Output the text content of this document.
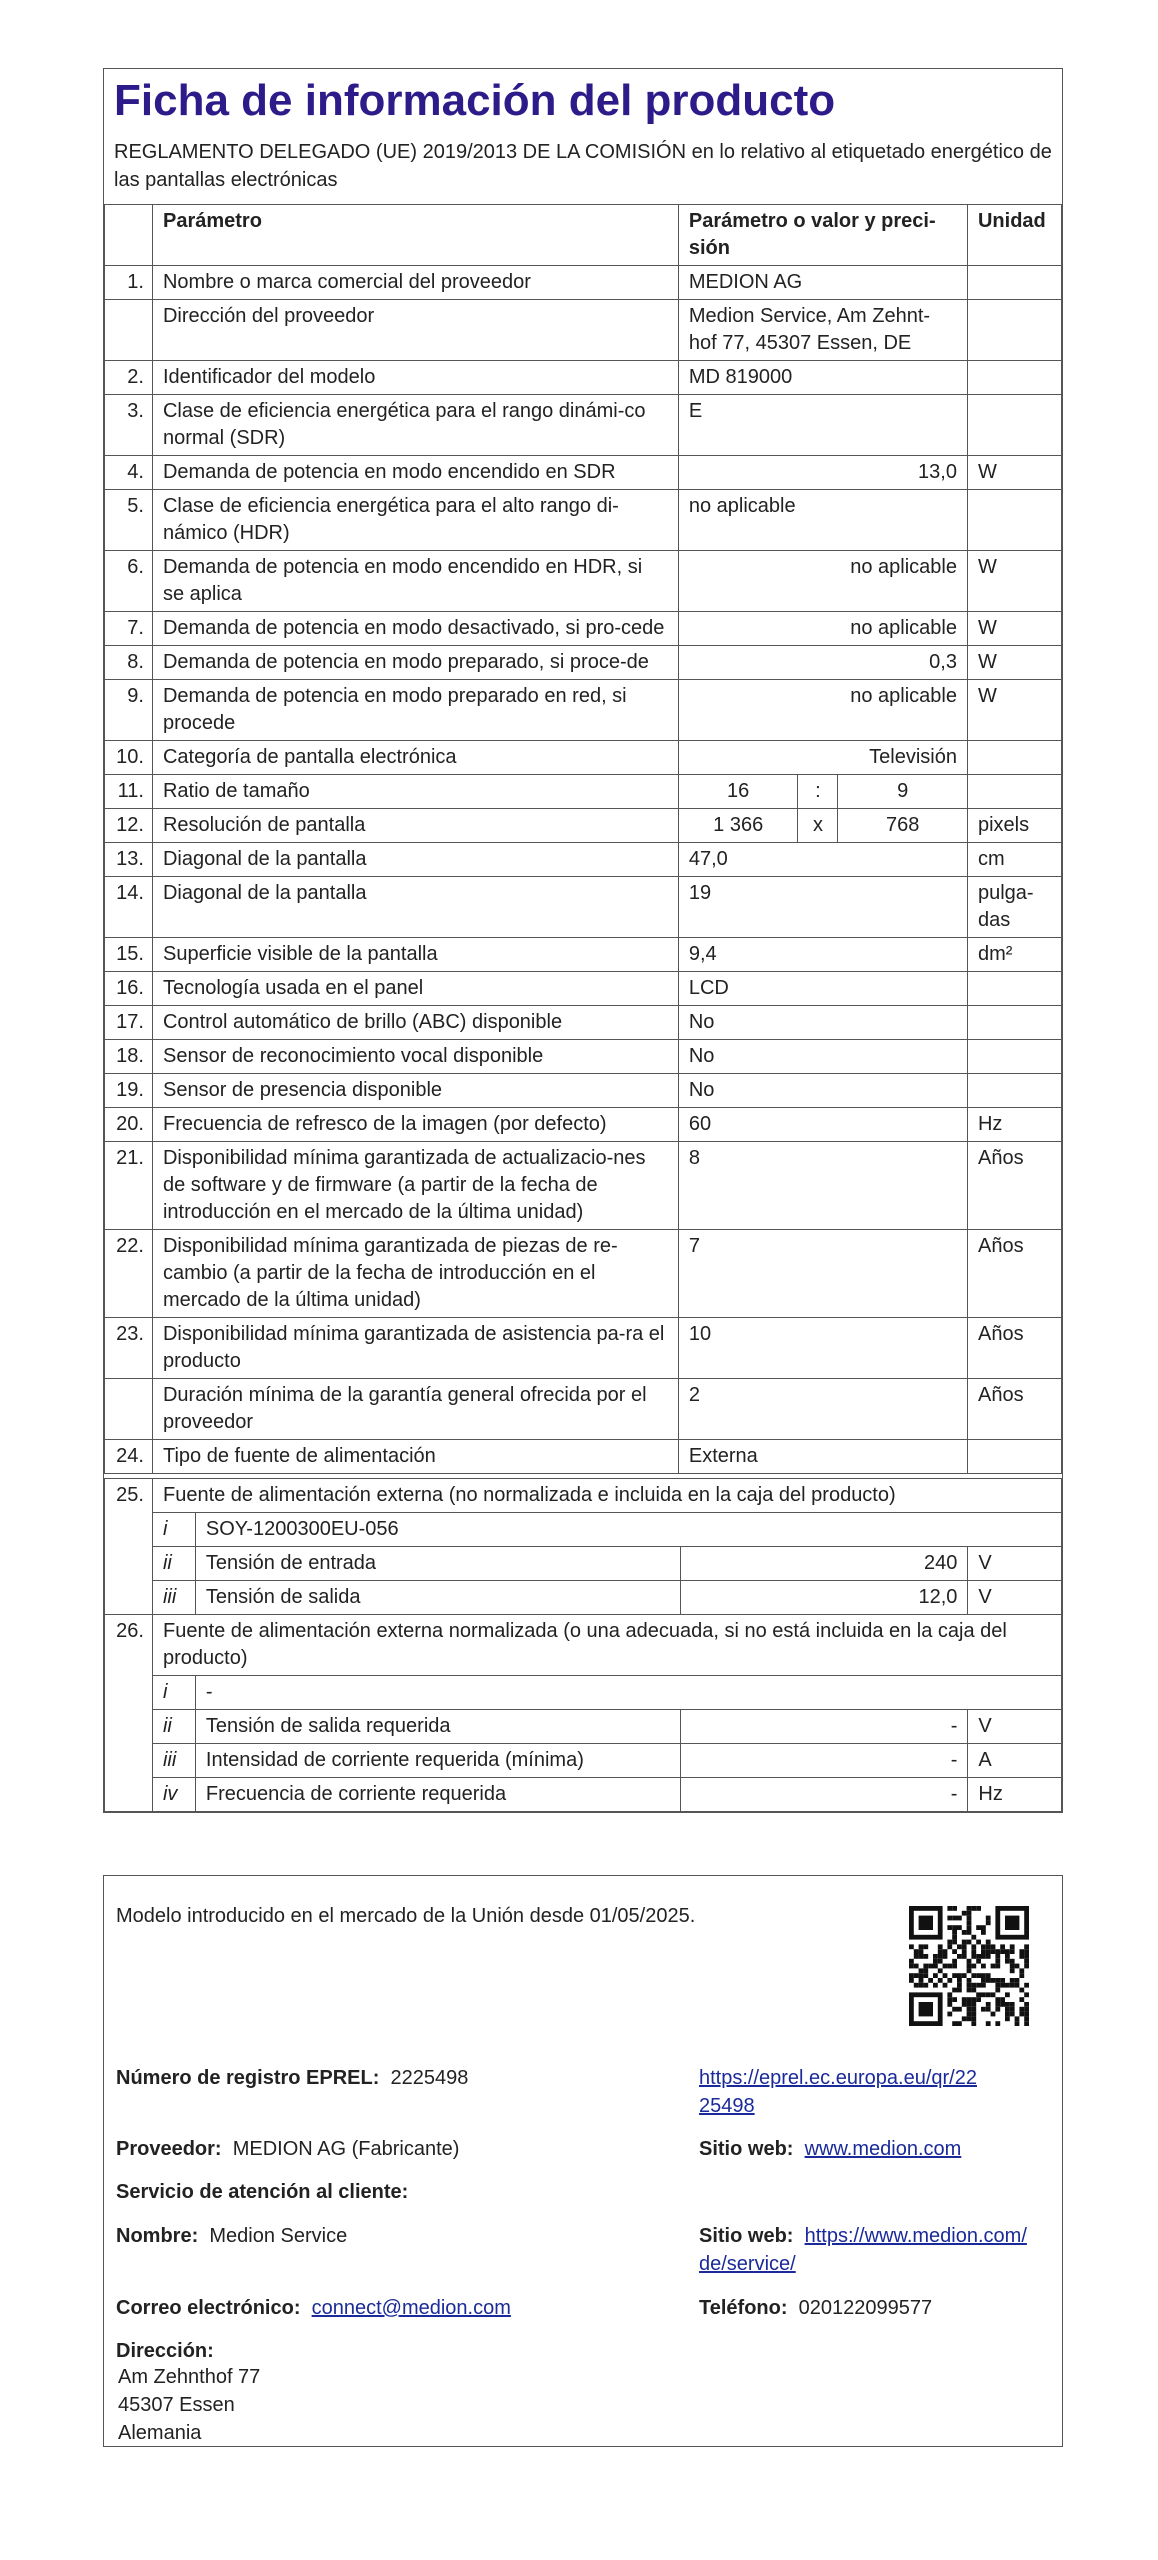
Ficha de información del producto
REGLAMENTO DELEGADO (UE) 2019/2013 DE LA COMISIÓN en lo relativo al etiquetado energético de las pantallas electrónicas
	Parámetro	Parámetro o valor y preci-sión			Unidad
1.	Nombre o marca comercial del proveedor	MEDION AG			
	Dirección del proveedor	Medion Service, Am Zehnt-hof 77, 45307 Essen, DE			
2.	Identificador del modelo	MD 819000			
3.	Clase de eficiencia energética para el rango dinámi-co normal (SDR)	E			
4.	Demanda de potencia en modo encendido en SDR	13,0			W
5.	Clase de eficiencia energética para el alto rango di-námico (HDR)	no aplicable			
6.	Demanda de potencia en modo encendido en HDR, si se aplica	no aplicable			W
7.	Demanda de potencia en modo desactivado, si pro-cede	no aplicable			W
8.	Demanda de potencia en modo preparado, si proce-de	0,3			W
9.	Demanda de potencia en modo preparado en red, si procede	no aplicable			W
10.	Categoría de pantalla electrónica	Televisión			
11.	Ratio de tamaño	16	:	9	
12.	Resolución de pantalla	1 366	x	768	pixels
13.	Diagonal de la pantalla	47,0			cm
14.	Diagonal de la pantalla	19			pulga-das
15.	Superficie visible de la pantalla	9,4			dm²
16.	Tecnología usada en el panel	LCD			
17.	Control automático de brillo (ABC) disponible	No			
18.	Sensor de reconocimiento vocal disponible	No			
19.	Sensor de presencia disponible	No			
20.	Frecuencia de refresco de la imagen (por defecto)	60			Hz
21.	Disponibilidad mínima garantizada de actualizacio-nes de software y de firmware (a partir de la fecha de introducción en el mercado de la última unidad)	8			Años
22.	Disponibilidad mínima garantizada de piezas de re-cambio (a partir de la fecha de introducción en el mercado de la última unidad)	7			Años
23.	Disponibilidad mínima garantizada de asistencia pa-ra el producto	10			Años
	Duración mínima de la garantía general ofrecida por el proveedor	2			Años
24.	Tipo de fuente de alimentación	Externa			
25.	Fuente de alimentación externa (no normalizada e incluida en la caja del producto)			
	i	SOY-1200300EU-056		
	ii	Tensión de entrada	240	V
	iii	Tensión de salida	12,0	V
26.	Fuente de alimentación externa normalizada (o una adecuada, si no está incluida en la caja del producto)			
	i	-		
	ii	Tensión de salida requerida	-	V
	iii	Intensidad de corriente requerida (mínima)	-	A
	iv	Frecuencia de corriente requerida	-	Hz
Modelo introducido en el mercado de la Unión desde 01/05/2025.
Número de registro EPREL: 2225498	https://eprel.ec.europa.eu/qr/22
25498
Proveedor: MEDION AG (Fabricante)	Sitio web: www.medion.com
Servicio de atención al cliente:
Nombre: Medion Service	Sitio web: https://www.medion.com/
de/service/
Correo electrónico: connect@medion.com	Teléfono: 020122099577
Dirección:
Am Zehnthof 77
45307 Essen
Alemania
